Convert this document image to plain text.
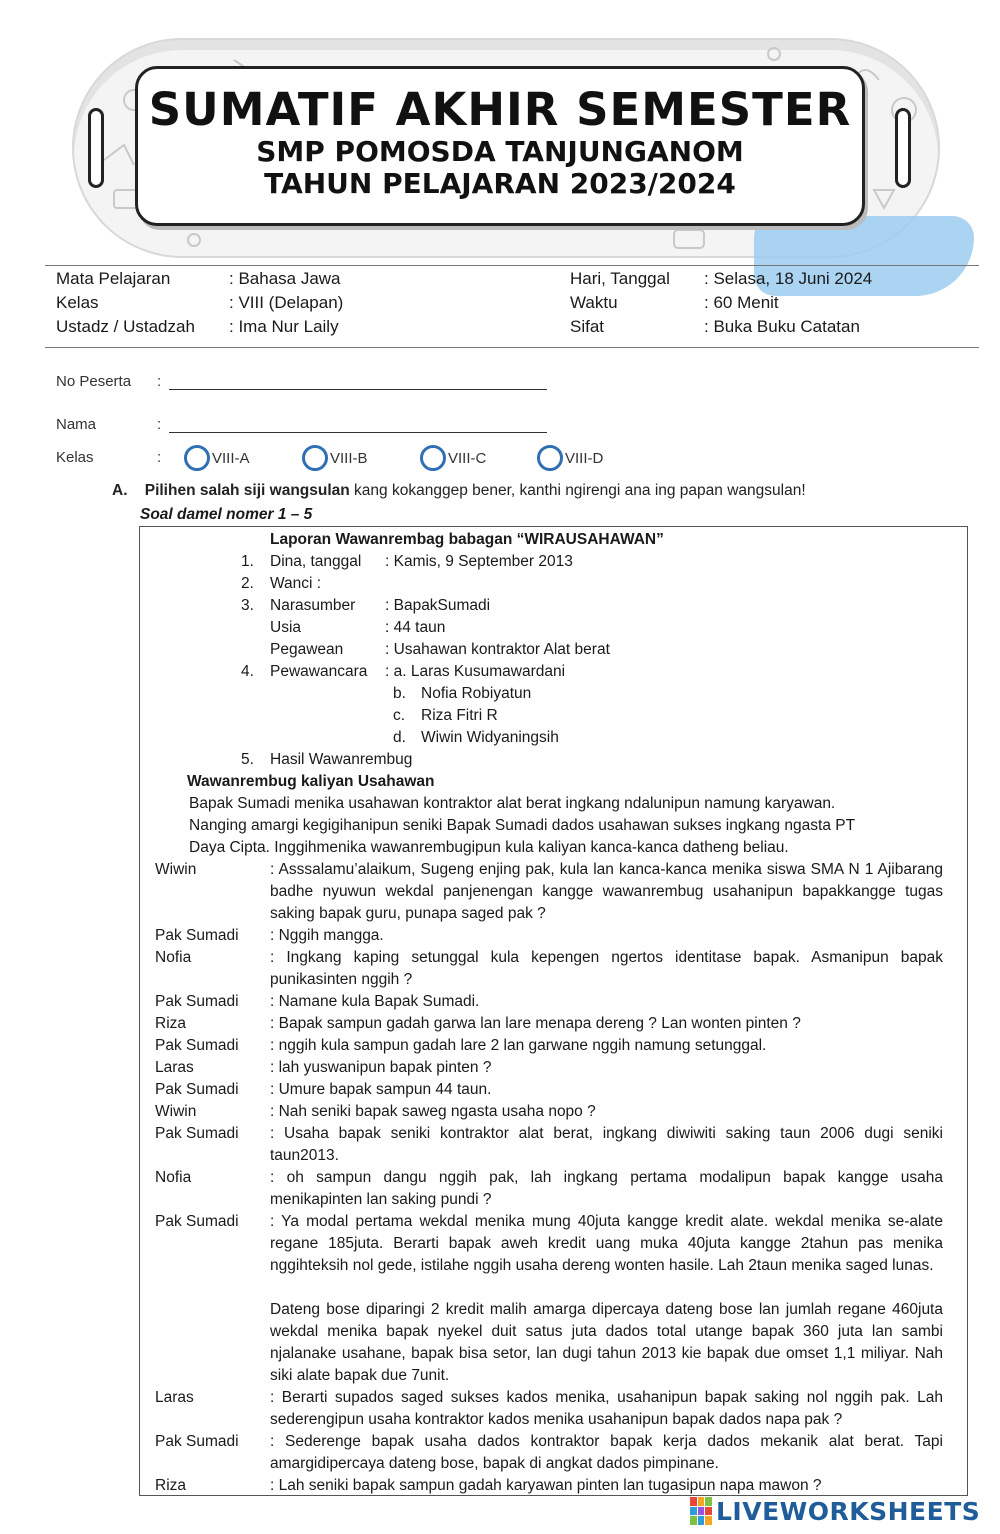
SUMATIF AKHIR SEMESTER
SMP POMOSDA TANJUNGANOM
TAHUN PELAJARAN 2023/2024
Mata Pelajaran	: Bahasa Jawa
Kelas	: VIII (Delapan)
Ustadz / Ustadzah : Ima Nur Laily
Hari, Tanggal : Selasa, 18 Juni 2024
Waktu	: 60 Menit
Sifat	: Buka Buku Catatan
No Peserta :
Nama	:
Kelas	:	VIII-A	VIII-B	VIII-C	VIII-D
A. Pilihen salah siji wangsulan kang kokanggep bener, kanthi ngirengi ana ing papan wangsulan!
Soal damel nomer 1 – 5
Laporan Wawanrembag babagan “WIRAUSAHAWAN”
1. Dina, tanggal : Kamis, 9 September 2013
2. Wanci :
3. Narasumber : BapakSumadi
Usia	: 44 taun
Pegawean	: Usahawan kontraktor Alat berat
4. Pewawancara : a. Laras Kusumawardani
b. Nofia Robiyatun
c. Riza Fitri R
d. Wiwin Widyaningsih
5. Hasil Wawanrembug
Wawanrembug kaliyan Usahawan
Bapak Sumadi menika usahawan kontraktor alat berat ingkang ndalunipun namung karyawan.
Nanging amargi kegigihanipun seniki Bapak Sumadi dados usahawan sukses ingkang ngasta PT
Daya Cipta. Inggihmenika wawanrembugipun kula kaliyan kanca-kanca datheng beliau.
Wiwin	: Asssalamu’alaikum, Sugeng enjing pak, kula lan kanca-kanca menika siswa SMA N 1 Ajibarang badhe nyuwun wekdal panjenengan kangge wawanrembug usahanipun bapakkangge tugas saking bapak guru, punapa saged pak ?
Pak Sumadi : Nggih mangga.
Nofia	: Ingkang kaping setunggal kula kepengen ngertos identitase bapak. Asmanipun bapak punikasinten nggih ?
Pak Sumadi : Namane kula Bapak Sumadi.
Riza	: Bapak sampun gadah garwa lan lare menapa dereng ? Lan wonten pinten ?
Pak Sumadi : nggih kula sampun gadah lare 2 lan garwane nggih namung setunggal.
Laras	: lah yuswanipun bapak pinten ?
Pak Sumadi : Umure bapak sampun 44 taun.
Wiwin	: Nah seniki bapak saweg ngasta usaha nopo ?
Pak Sumadi : Usaha bapak seniki kontraktor alat berat, ingkang diwiwiti saking taun 2006 dugi seniki taun2013.
Nofia	: oh sampun dangu nggih pak, lah ingkang pertama modalipun bapak kangge usaha menikapinten lan saking pundi ?
Pak Sumadi : Ya modal pertama wekdal menika mung 40juta kangge kredit alate. wekdal menika se-alate regane 185juta. Berarti bapak aweh kredit uang muka 40juta kangge 2tahun pas menika nggihteksih nol gede, istilahe nggih usaha dereng wonten hasile. Lah 2taun menika saged lunas.
Dateng bose diparingi 2 kredit malih amarga dipercaya dateng bose lan jumlah regane 460juta wekdal menika bapak nyekel duit satus juta dados total utange bapak 360 juta lan sambi njalanake usahane, bapak bisa setor, lan dugi tahun 2013 kie bapak due omset 1,1 miliyar. Nah siki alate bapak due 7unit.
Laras	: Berarti supados saged sukses kados menika, usahanipun bapak saking nol nggih pak. Lah sederengipun usaha kontraktor kados menika usahanipun bapak dados napa pak ?
Pak Sumadi : Sederenge bapak usaha dados kontraktor bapak kerja dados mekanik alat berat. Tapi amargidipercaya dateng bose, bapak di angkat dados pimpinane.
Riza	: Lah seniki bapak sampun gadah karyawan pinten lan tugasipun napa mawon ?
LIVEWORKSHEETS
